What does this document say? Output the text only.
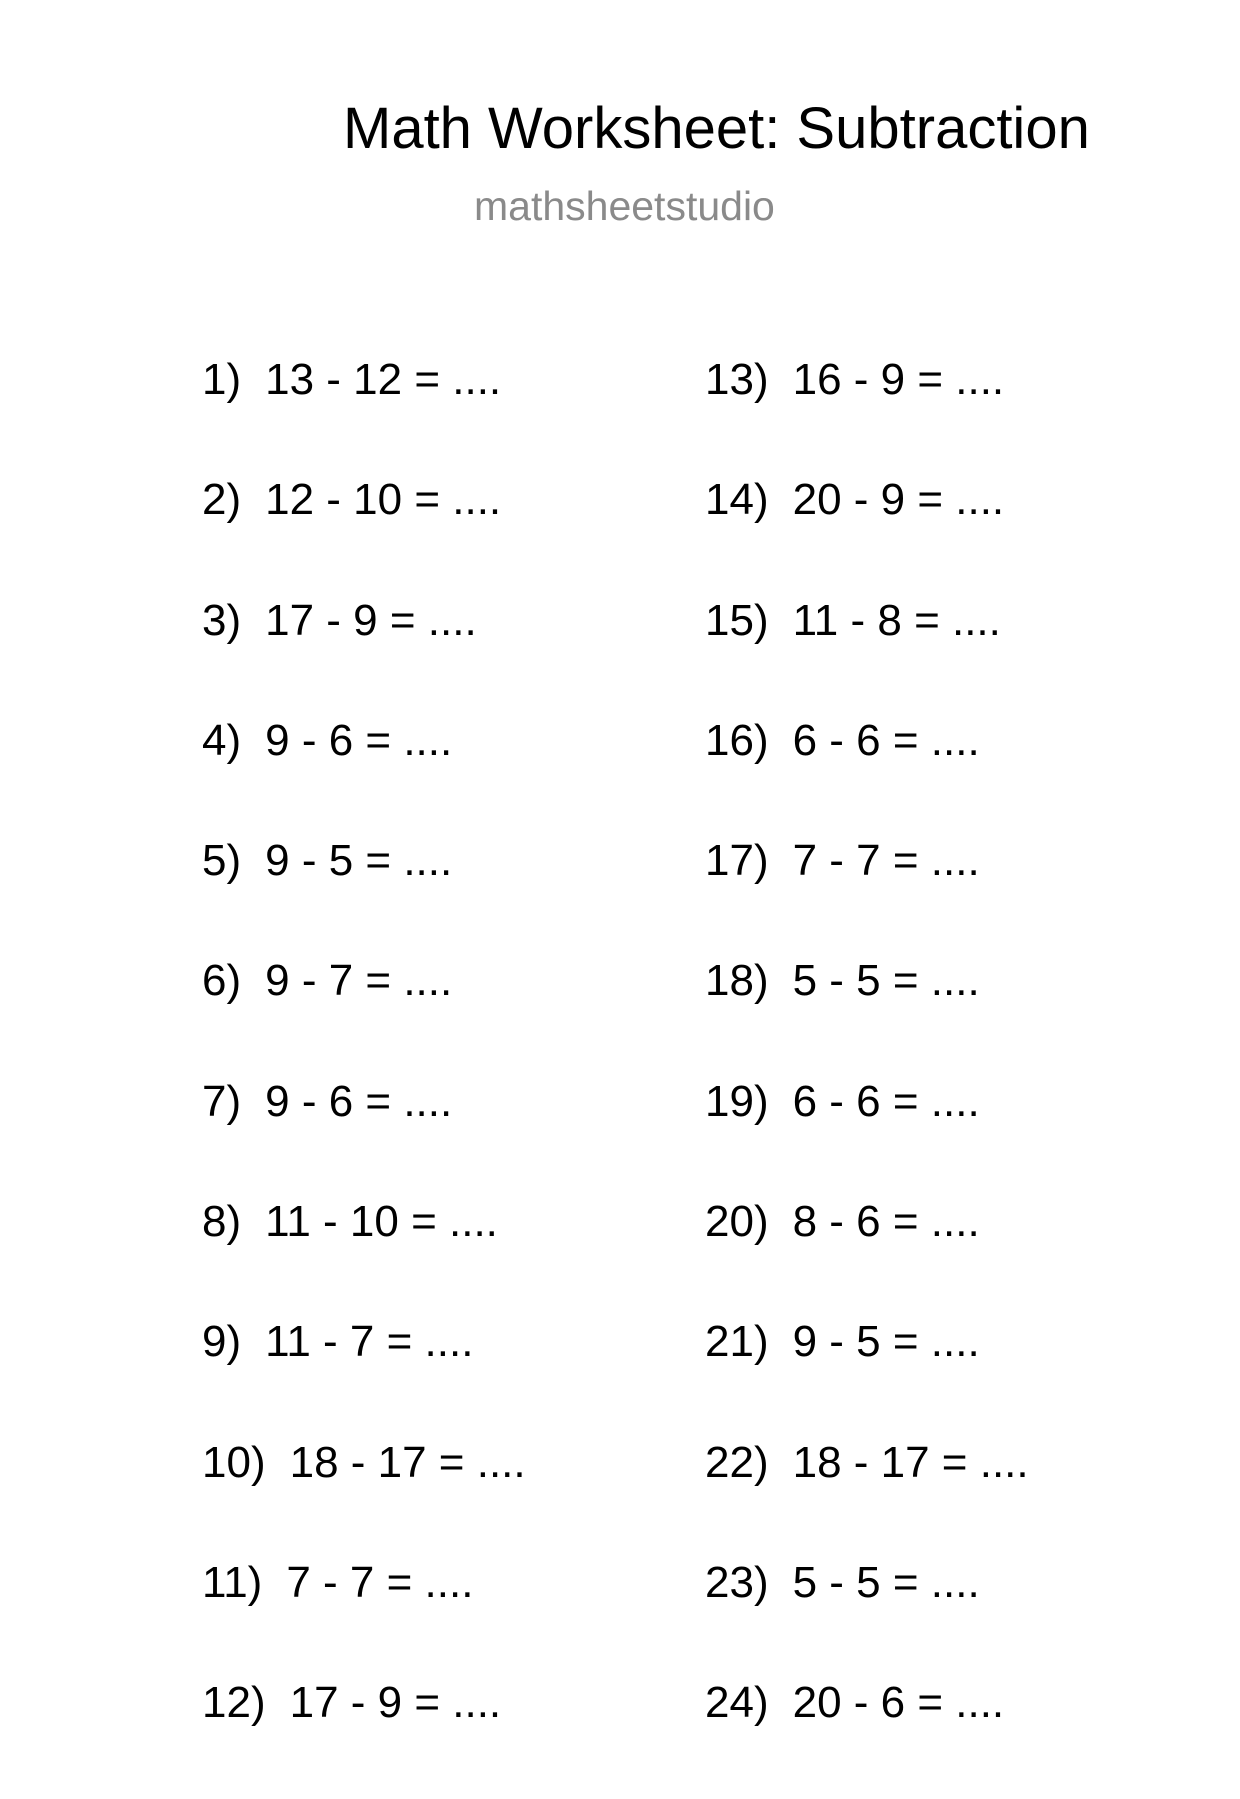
Math Worksheet: Subtraction
mathsheetstudio
1) 13 - 12 = ....
2) 12 - 10 = ....
3) 17 - 9 = ....
4) 9 - 6 = ....
5) 9 - 5 = ....
6) 9 - 7 = ....
7) 9 - 6 = ....
8) 11 - 10 = ....
9) 11 - 7 = ....
10) 18 - 17 = ....
11) 7 - 7 = ....
12) 17 - 9 = ....
13) 16 - 9 = ....
14) 20 - 9 = ....
15) 11 - 8 = ....
16) 6 - 6 = ....
17) 7 - 7 = ....
18) 5 - 5 = ....
19) 6 - 6 = ....
20) 8 - 6 = ....
21) 9 - 5 = ....
22) 18 - 17 = ....
23) 5 - 5 = ....
24) 20 - 6 = ....
